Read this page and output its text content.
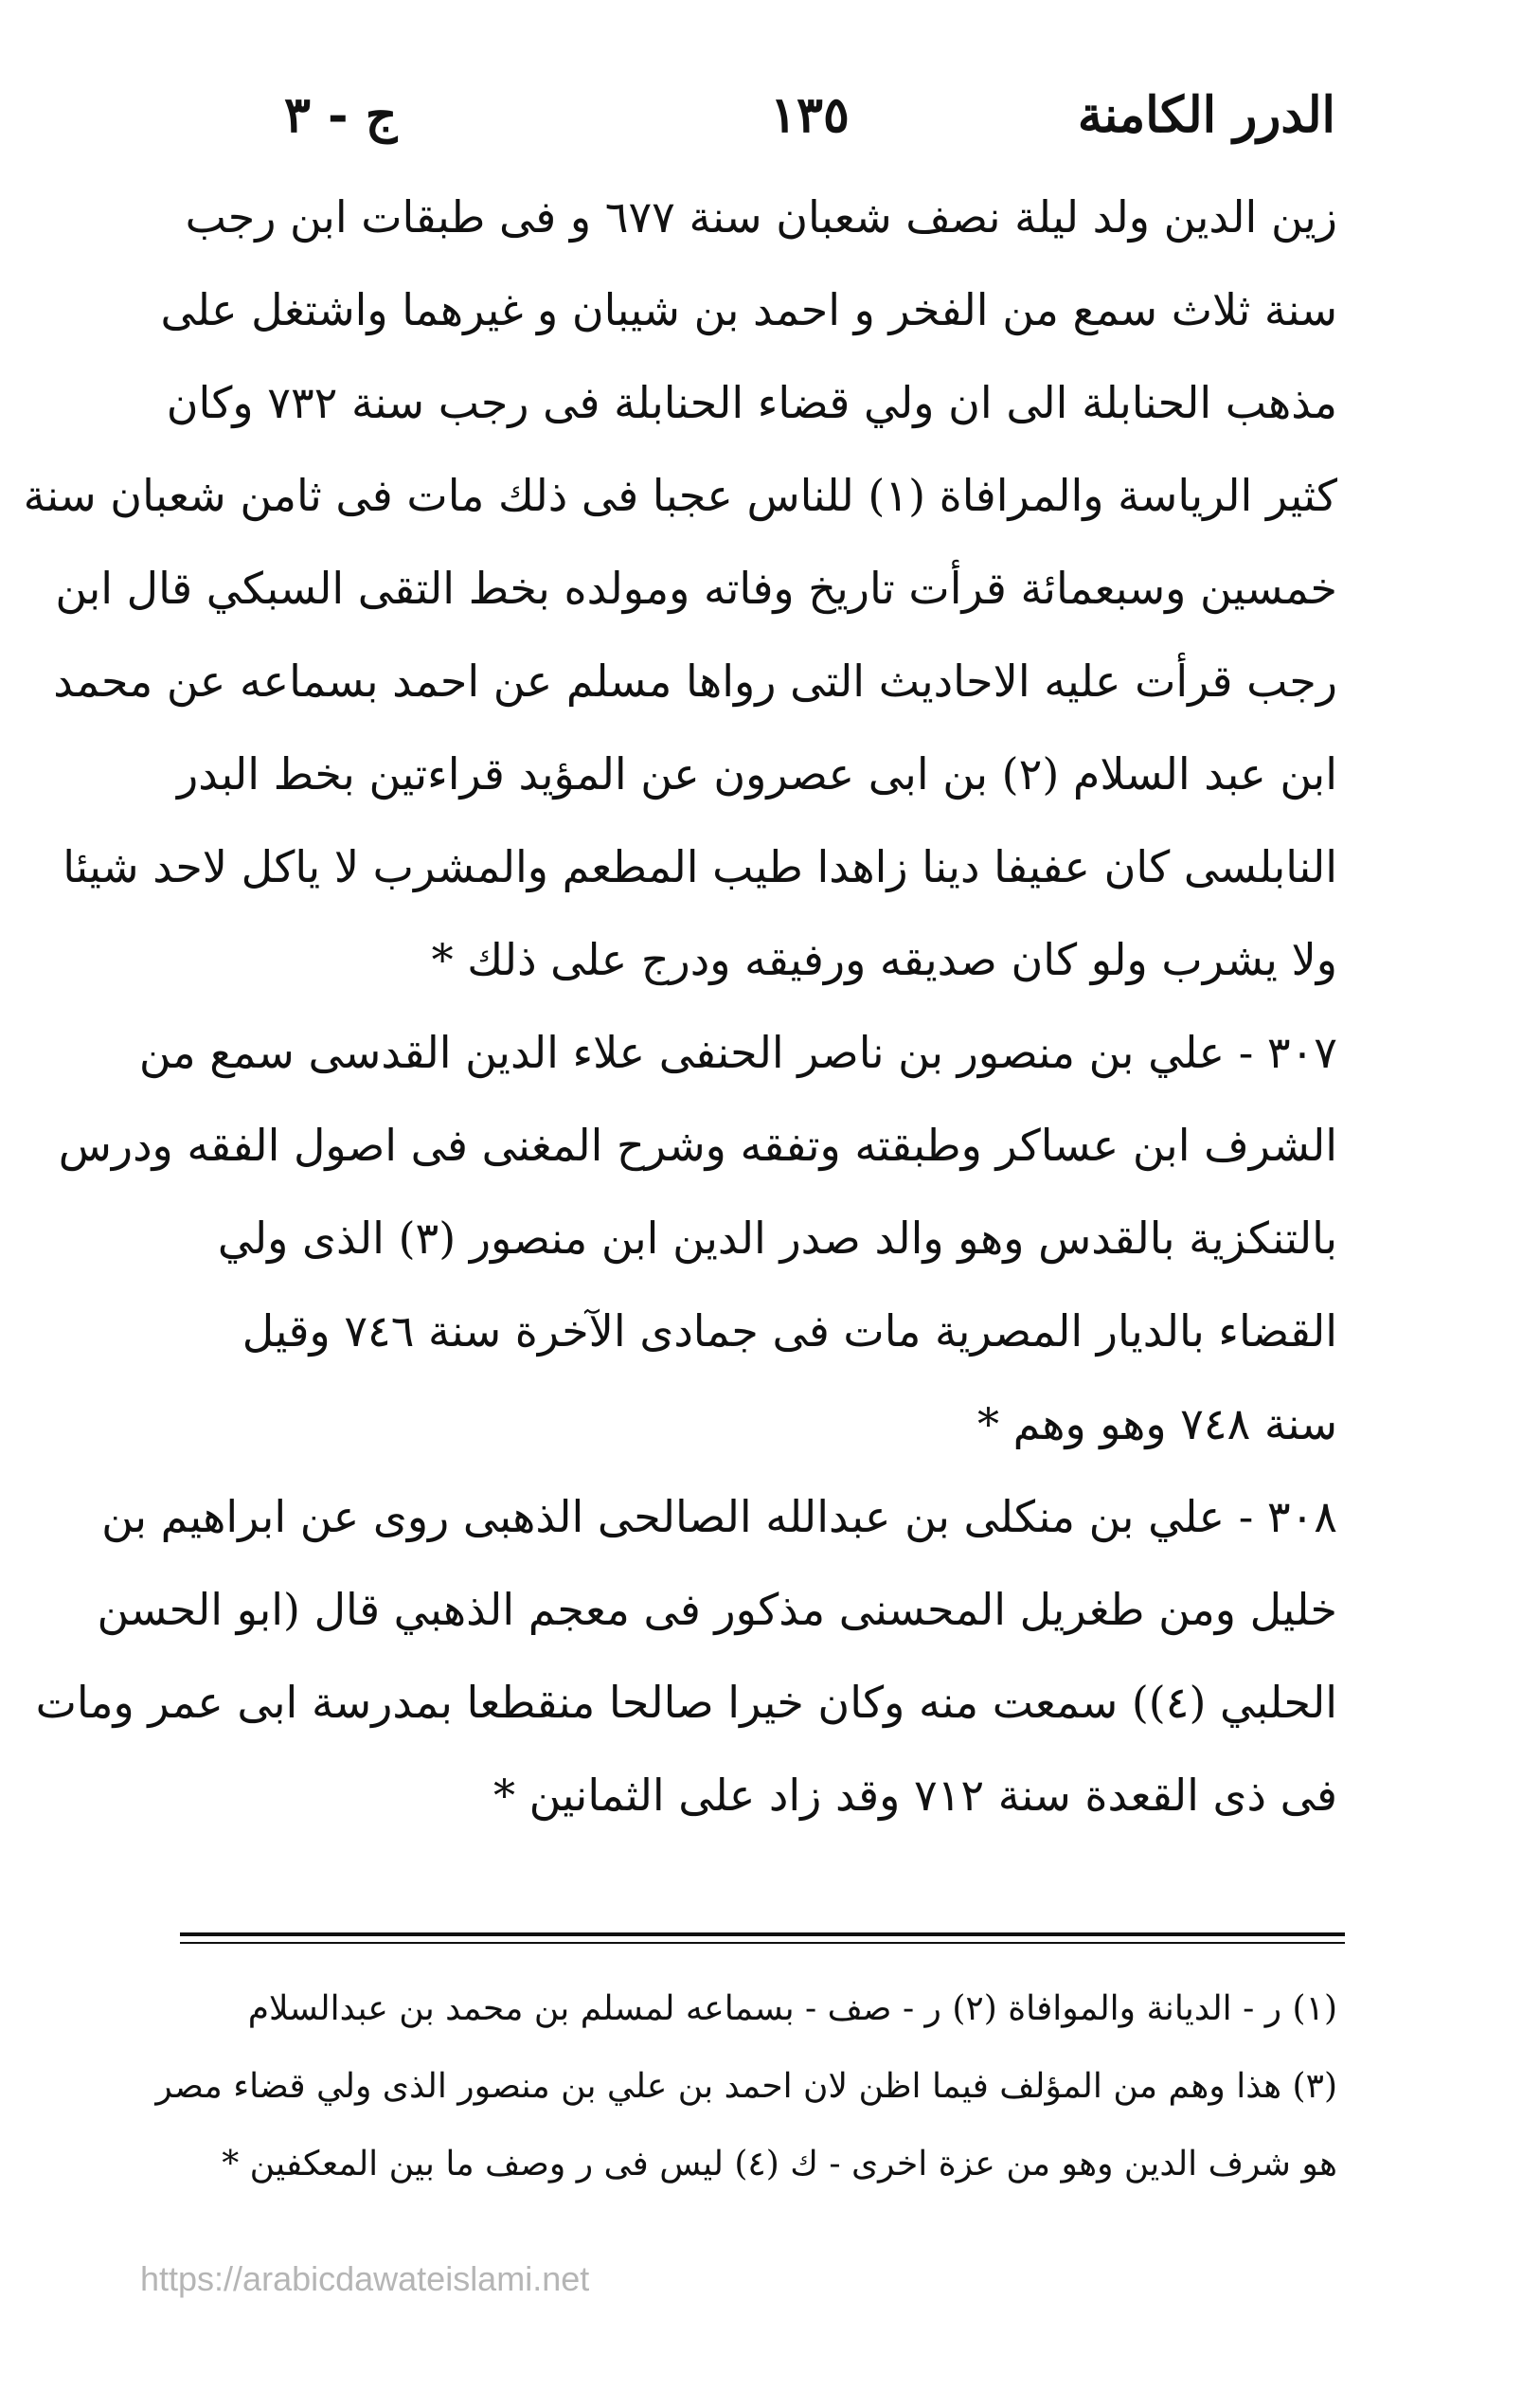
الدرر الكامنة
١٣٥
ج - ٣
زين الدين ولد ليلة نصف شعبان سنة ٦٧٧ و فى طبقات ابن رجب
سنة ثلاث سمع من الفخر و احمد بن شيبان و غيرهما واشتغل على
مذهب الحنابلة الى ان ولي قضاء الحنابلة فى رجب سنة ٧٣٢ وكان
كثير الرياسة والمرافاة (١) للناس عجبا فى ذلك مات فى ثامن شعبان سنة
خمسين وسبعمائة قرأت تاريخ وفاته ومولده بخط التقى السبكي قال ابن
رجب قرأت عليه الاحاديث التى رواها مسلم عن احمد بسماعه عن محمد
ابن عبد السلام (٢) بن ابى عصرون عن المؤيد قراءتين بخط البدر
النابلسى كان عفيفا دينا زاهدا طيب المطعم والمشرب لا ياكل لاحد شيئا
ولا يشرب ولو كان صديقه ورفيقه ودرج على ذلك *
٣٠٧ - علي بن منصور بن ناصر الحنفى علاء الدين القدسى سمع من
الشرف ابن عساكر وطبقته وتفقه وشرح المغنى فى اصول الفقه ودرس
بالتنكزية بالقدس وهو والد صدر الدين ابن منصور (٣) الذى ولي
القضاء بالديار المصرية مات فى جمادى الآخرة سنة ٧٤٦ وقيل
سنة ٧٤٨ وهو وهم *
٣٠٨ - علي بن منكلى بن عبدالله الصالحى الذهبى روى عن ابراهيم بن
خليل ومن طغريل المحسنى مذكور فى معجم الذهبي قال (ابو الحسن
الحلبي (٤)) سمعت منه وكان خيرا صالحا منقطعا بمدرسة ابى عمر ومات
فى ذى القعدة سنة ٧١٢ وقد زاد على الثمانين *
(١) ر - الديانة والموافاة (٢) ر - صف - بسماعه لمسلم بن محمد بن عبدالسلام
(٣) هذا وهم من المؤلف فيما اظن لان احمد بن علي بن منصور الذى ولي قضاء مصر
هو شرف الدين وهو من عزة اخرى - ك (٤) ليس فى ر وصف ما بين المعكفين *
https://arabicdawateislami.net
